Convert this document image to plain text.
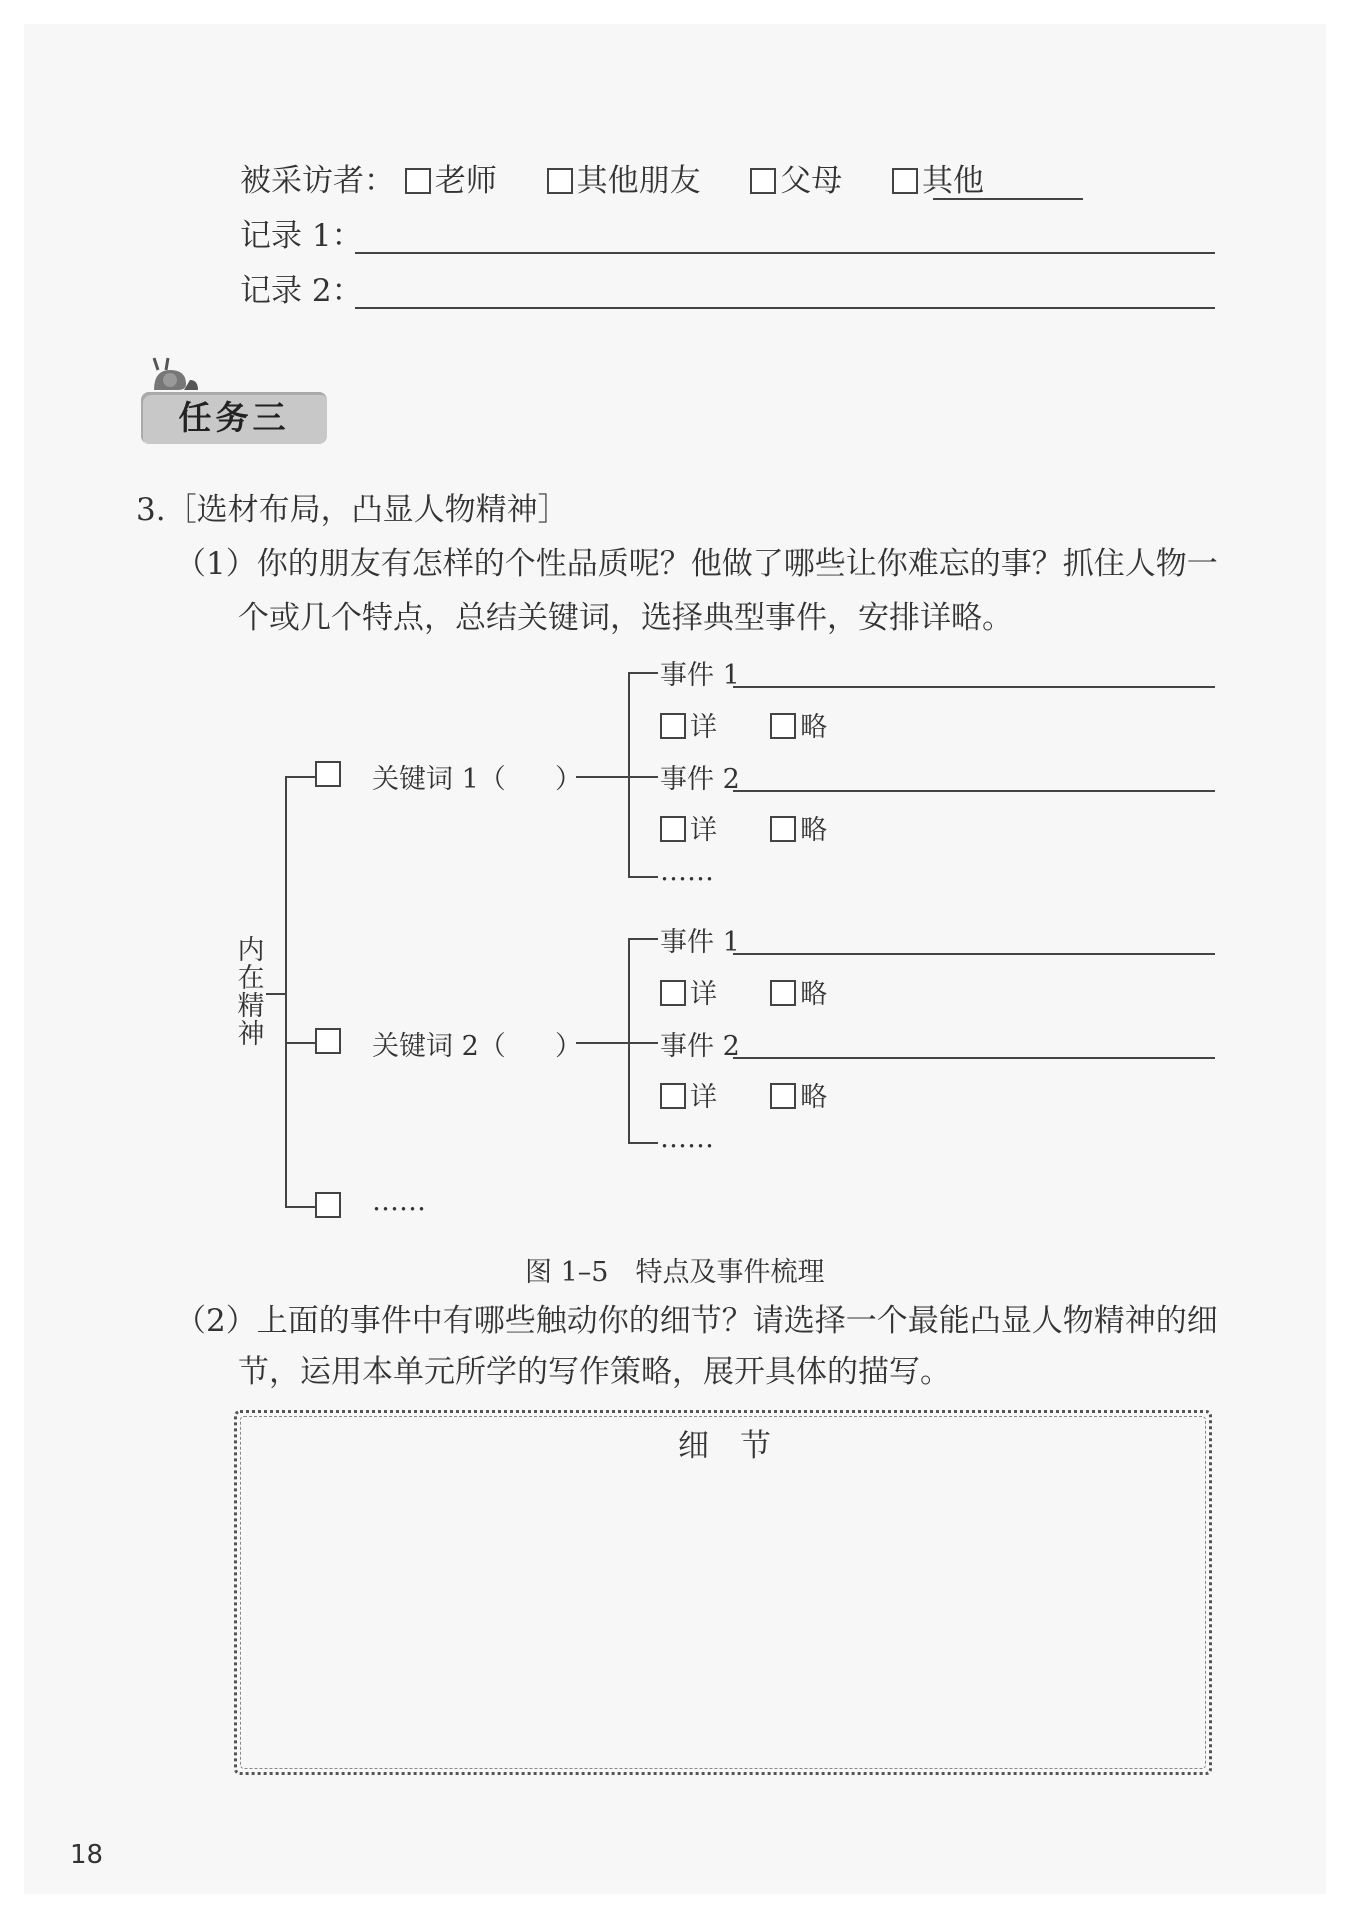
被采访者： 老师	其他朋友	父母	其他
记录 1：
记录 2：
任务三
3.［选材布局，凸显人物精神］
（1）你的朋友有怎样的个性品质呢？他做了哪些让你难忘的事？抓住人物一
个或几个特点，总结关键词，选择典型事件，安排详略。
内
在
精
神
关键词 1（ ）
事件 1
详	略
事件 2
详	略
……
关键词 2（ ）
事件 1
详	略
事件 2
详	略
……
……
图 1–5　特点及事件梳理
（2）上面的事件中有哪些触动你的细节？请选择一个最能凸显人物精神的细
节，运用本单元所学的写作策略，展开具体的描写。
细　节
18
